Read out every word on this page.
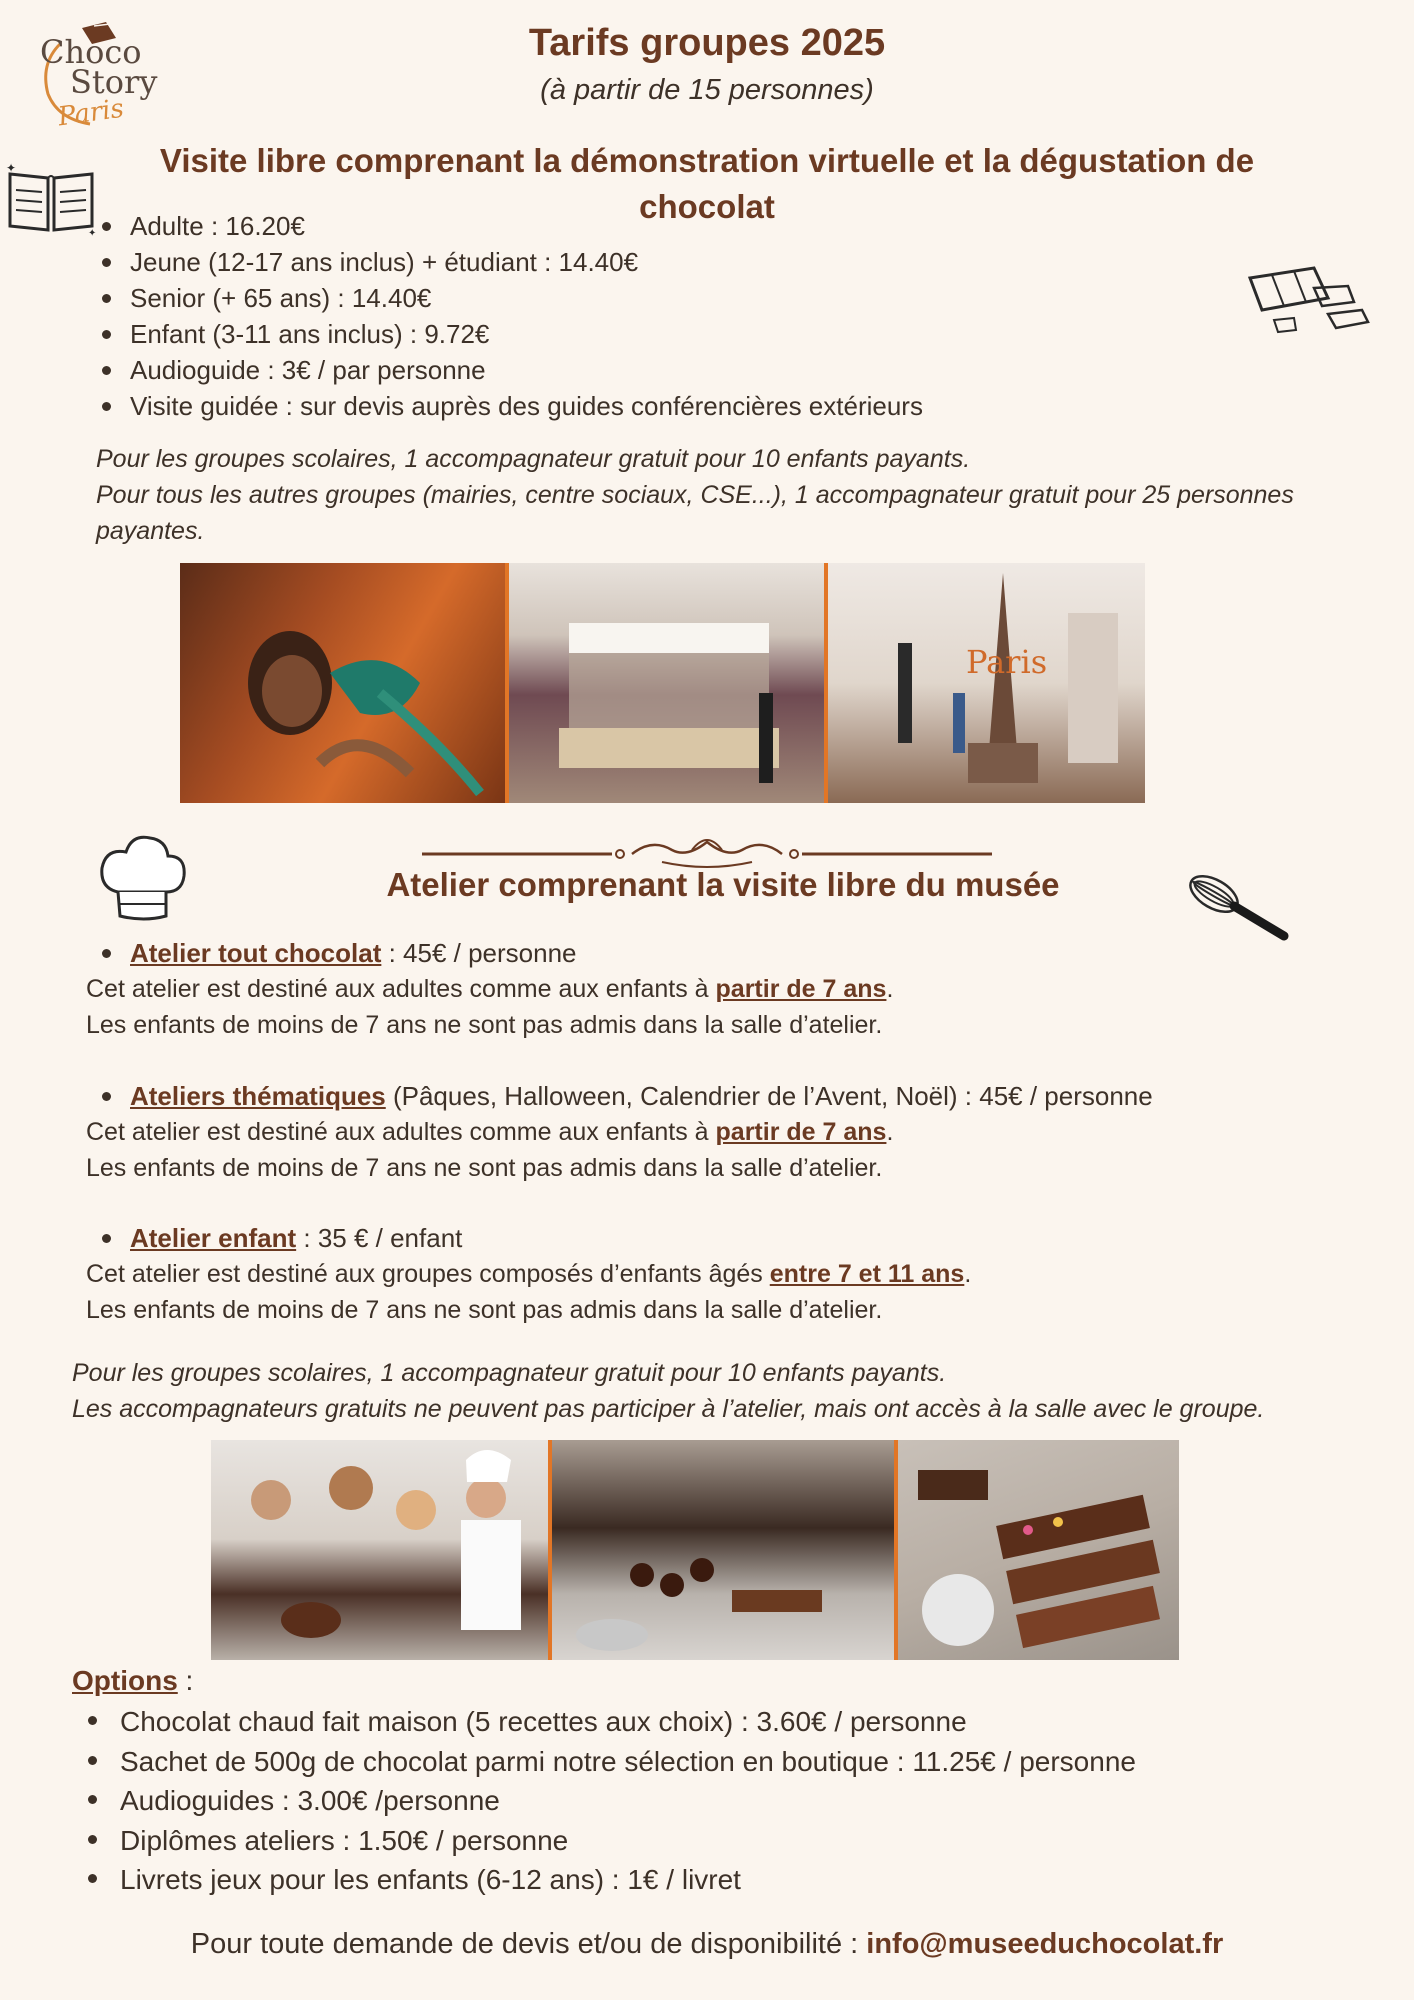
Choco
Story
Paris
Tarifs groupes 2025
(à partir de 15 personnes)
✦
✦
Visite libre comprenant la démonstration virtuelle et la dégustation de
chocolat
Adulte : 16.20€
Jeune (12-17 ans inclus) + étudiant : 14.40€
Senior (+ 65 ans) : 14.40€
Enfant (3-11 ans inclus) : 9.72€
Audioguide : 3€ / par personne
Visite guidée : sur devis auprès des guides conférencières extérieurs
Pour les groupes scolaires, 1 accompagnateur gratuit pour 10 enfants payants.
Pour tous les autres groupes (mairies, centre sociaux, CSE...), 1 accompagnateur gratuit pour 25 personnes payantes.
Paris
Atelier comprenant la visite libre du musée
Atelier tout chocolat : 45€ / personne
Cet atelier est destiné aux adultes comme aux enfants à partir de 7 ans.
Les enfants de moins de 7 ans ne sont pas admis dans la salle d’atelier.
Ateliers thématiques (Pâques, Halloween, Calendrier de l’Avent, Noël) : 45€ / personne
Cet atelier est destiné aux adultes comme aux enfants à partir de 7 ans.
Les enfants de moins de 7 ans ne sont pas admis dans la salle d’atelier.
Atelier enfant : 35 € / enfant
Cet atelier est destiné aux groupes composés d’enfants âgés entre 7 et 11 ans.
Les enfants de moins de 7 ans ne sont pas admis dans la salle d’atelier.
Pour les groupes scolaires, 1 accompagnateur gratuit pour 10 enfants payants.
Les accompagnateurs gratuits ne peuvent pas participer à l’atelier, mais ont accès à la salle avec le groupe.
Options :
Chocolat chaud fait maison (5 recettes aux choix) : 3.60€ / personne
Sachet de 500g de chocolat parmi notre sélection en boutique : 11.25€ / personne
Audioguides : 3.00€ /personne
Diplômes ateliers : 1.50€ / personne
Livrets jeux pour les enfants (6-12 ans) : 1€ / livret
Pour toute demande de devis et/ou de disponibilité : info@museeduchocolat.fr
